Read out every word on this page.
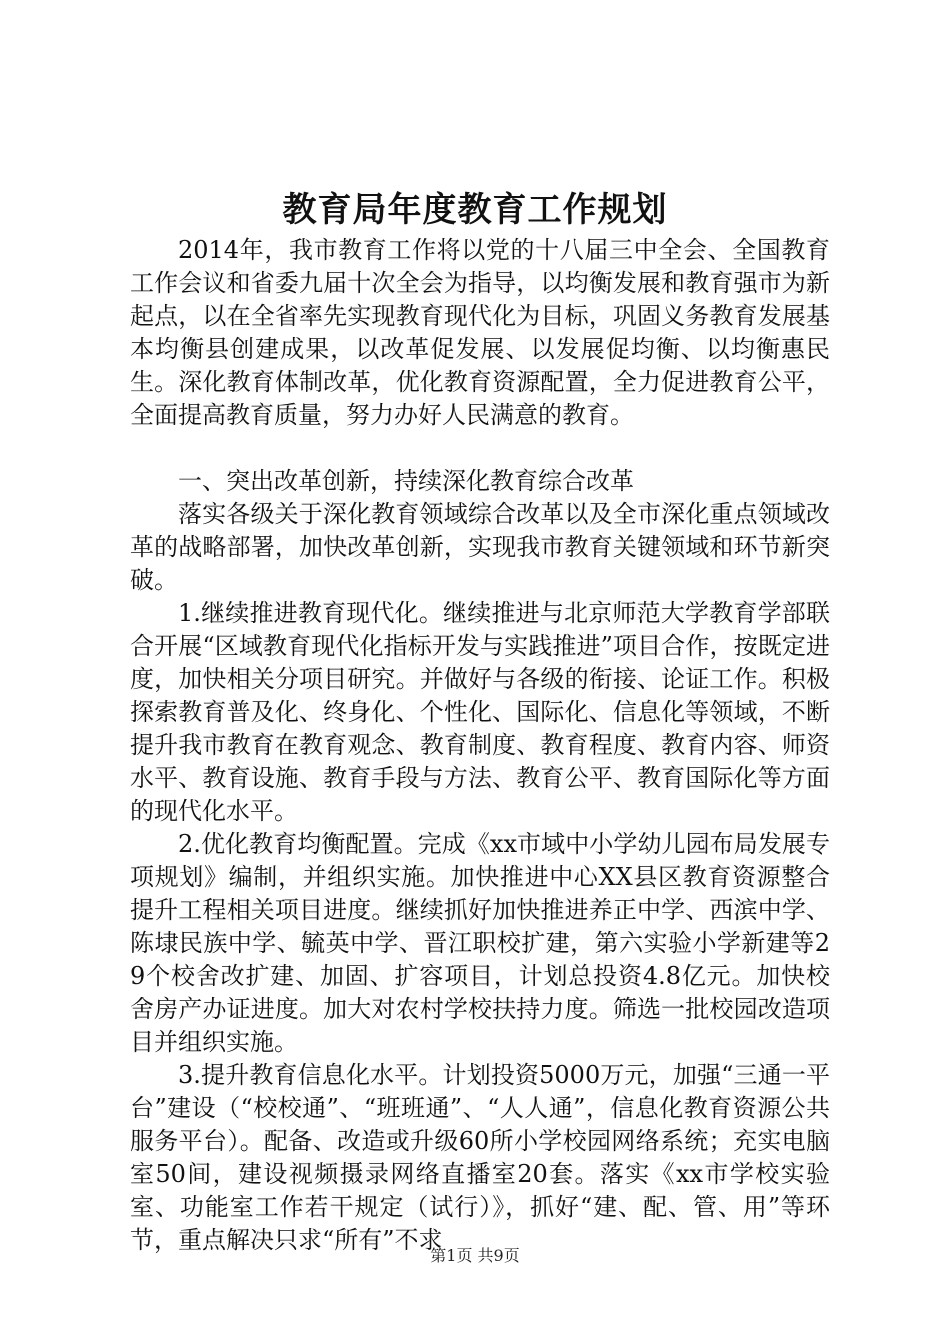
教育局年度教育工作规划

2014年，我市教育工作将以党的十八届三中全会、全国教育工作会议和省委九届十次全会为指导，以均衡发展和教育强市为新起点，以在全省率先实现教育现代化为目标，巩固义务教育发展基本均衡县创建成果，以改革促发展、以发展促均衡、以均衡惠民生。深化教育体制改革，优化教育资源配置，全力促进教育公平，全面提高教育质量，努力办好人民满意的教育。

一、突出改革创新，持续深化教育综合改革

落实各级关于深化教育领域综合改革以及全市深化重点领域改革的战略部署，加快改革创新，实现我市教育关键领域和环节新突破。

1.继续推进教育现代化。继续推进与北京师范大学教育学部联合开展“区域教育现代化指标开发与实践推进”项目合作，按既定进度，加快相关分项目研究。并做好与各级的衔接、论证工作。积极探索教育普及化、终身化、个性化、国际化、信息化等领域，不断提升我市教育在教育观念、教育制度、教育程度、教育内容、师资水平、教育设施、教育手段与方法、教育公平、教育国际化等方面的现代化水平。

2.优化教育均衡配置。完成《xx市域中小学幼儿园布局发展专项规划》编制，并组织实施。加快推进中心XX县区教育资源整合提升工程相关项目进度。继续抓好加快推进养正中学、西滨中学、陈埭民族中学、毓英中学、晋江职校扩建，第六实验小学新建等29个校舍改扩建、加固、扩容项目，计划总投资4.8亿元。加快校舍房产办证进度。加大对农村学校扶持力度。筛选一批校园改造项目并组织实施。

3.提升教育信息化水平。计划投资5000万元，加强“三通一平台”建设（“校校通”、“班班通”、“人人通”，信息化教育资源公共服务平台）。配备、改造或升级60所小学校园网络系统；充实电脑室50间，建设视频摄录网络直播室20套。落实《xx市学校实验室、功能室工作若干规定（试行）》，抓好“建、配、管、用”等环节，重点解决只求“所有”不求

第1页 共9页
